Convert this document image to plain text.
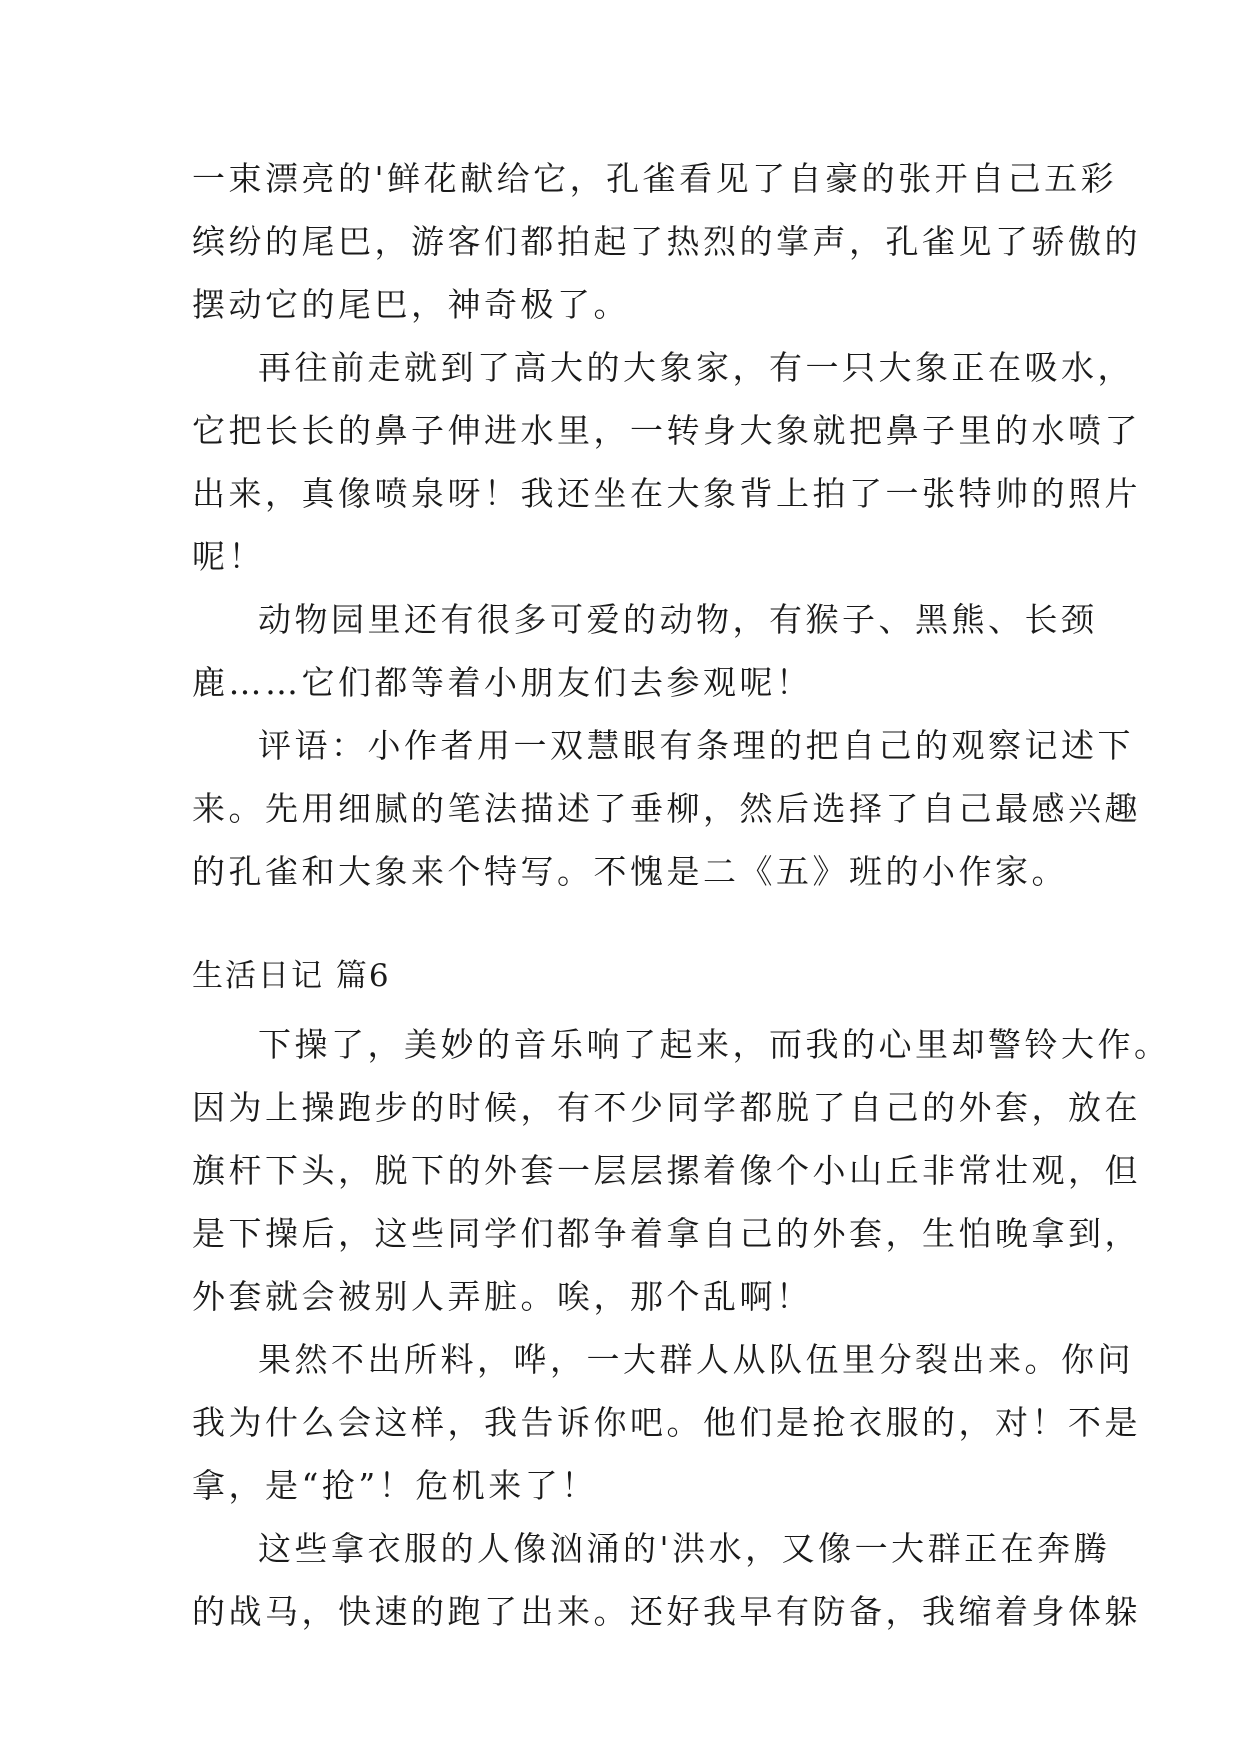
一束漂亮的'鲜花献给它，孔雀看见了自豪的张开自己五彩
缤纷的尾巴，游客们都拍起了热烈的掌声，孔雀见了骄傲的
摆动它的尾巴，神奇极了。
再往前走就到了高大的大象家，有一只大象正在吸水，
它把长长的鼻子伸进水里，一转身大象就把鼻子里的水喷了
出来，真像喷泉呀！我还坐在大象背上拍了一张特帅的照片
呢！
动物园里还有很多可爱的动物，有猴子、黑熊、长颈
鹿……它们都等着小朋友们去参观呢！
评语：小作者用一双慧眼有条理的把自己的观察记述下
来。先用细腻的笔法描述了垂柳，然后选择了自己最感兴趣
的孔雀和大象来个特写。不愧是二《五》班的小作家。
生活日记 篇6
下操了，美妙的音乐响了起来，而我的心里却警铃大作。
因为上操跑步的时候，有不少同学都脱了自己的外套，放在
旗杆下头，脱下的外套一层层摞着像个小山丘非常壮观，但
是下操后，这些同学们都争着拿自己的外套，生怕晚拿到，
外套就会被别人弄脏。唉，那个乱啊！
果然不出所料，哗，一大群人从队伍里分裂出来。你问
我为什么会这样，我告诉你吧。他们是抢衣服的，对！不是
拿，是“抢”！危机来了！
这些拿衣服的人像汹涌的'洪水，又像一大群正在奔腾
的战马，快速的跑了出来。还好我早有防备，我缩着身体躲
